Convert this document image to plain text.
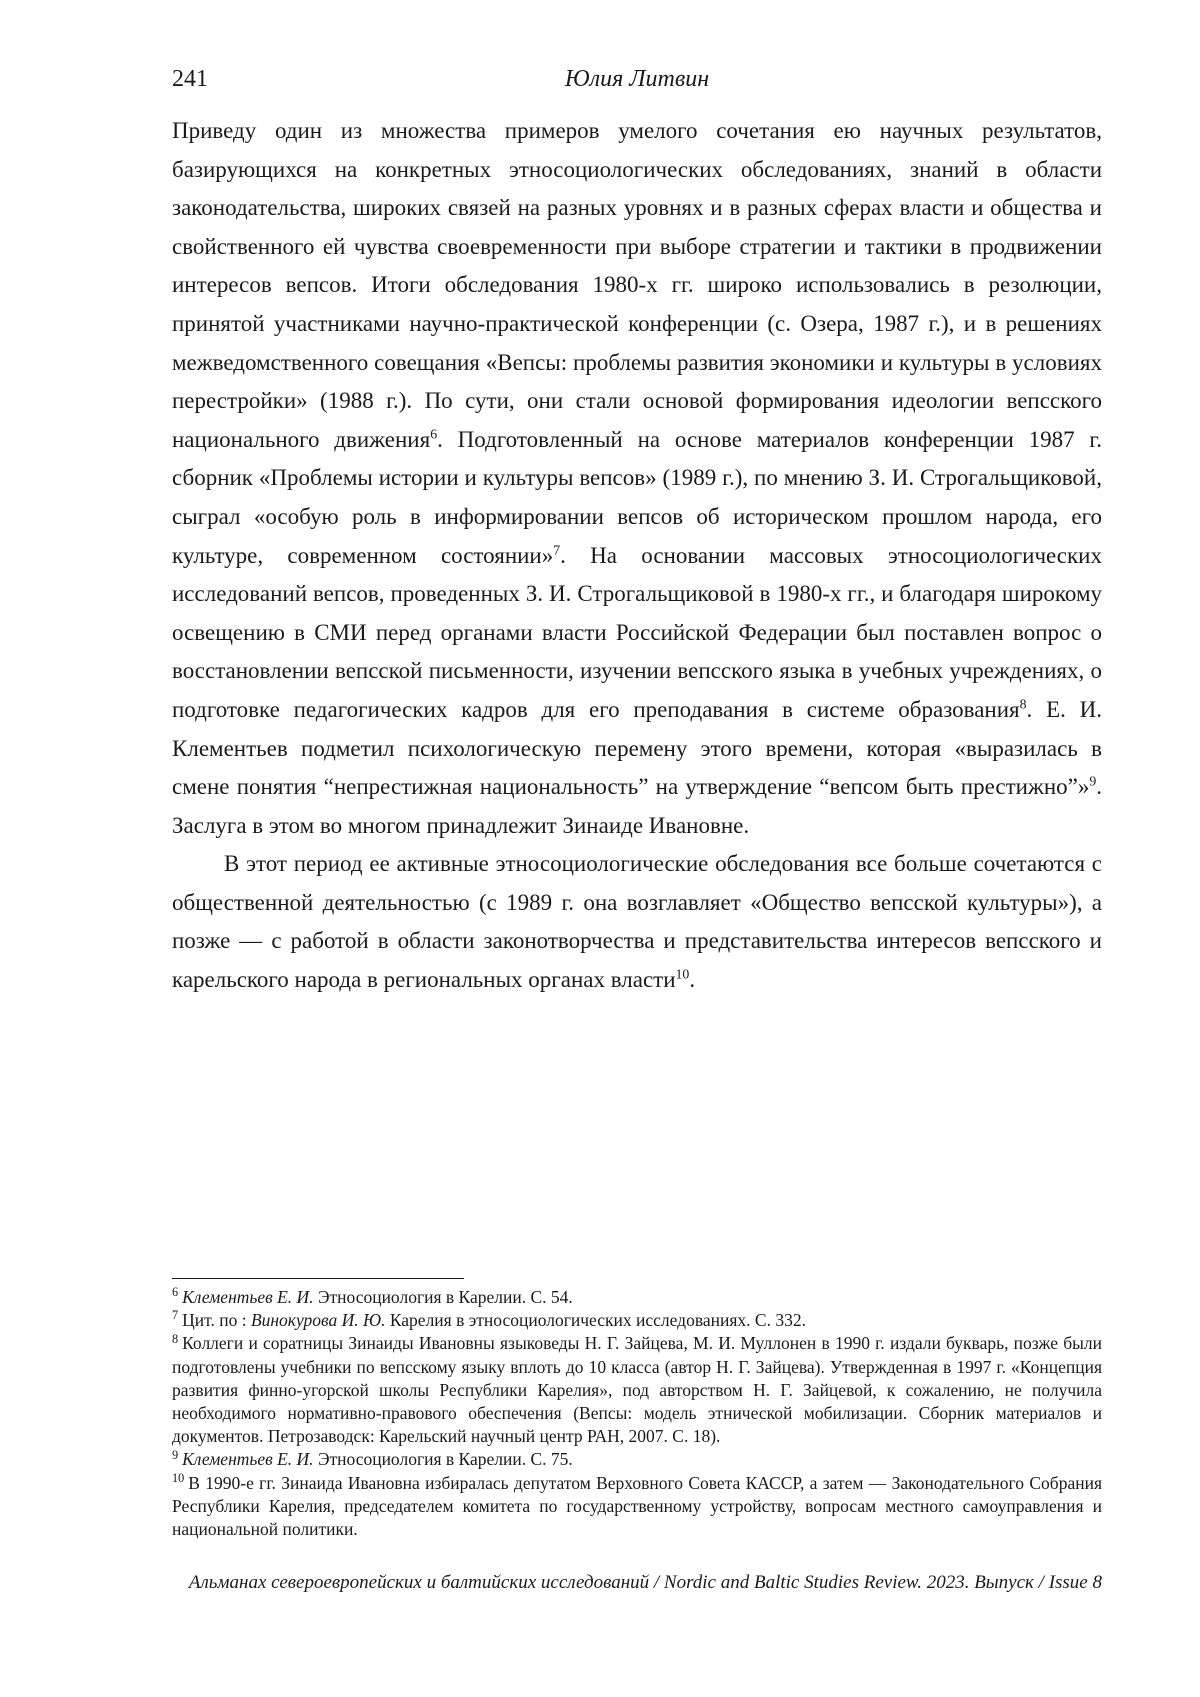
241	Юлия Литвин

Приведу один из множества примеров умелого сочетания ею научных результатов, базирующихся на конкретных этносоциологических обследованиях, знаний в области законодательства, широких связей на разных уровнях и в разных сферах власти и общества и свойственного ей чувства своевременности при выборе стратегии и тактики в продвижении интересов вепсов. Итоги обследования 1980-х гг. широко использовались в резолюции, принятой участниками научно-практической конференции (с. Озера, 1987 г.), и в решениях межведомственного совещания «Вепсы: проблемы развития экономики и культуры в условиях перестройки» (1988 г.). По сути, они стали основой формирования идеологии вепсского национального движения$^6$. Подготовленный на основе материалов конференции 1987 г. сборник «Проблемы истории и культуры вепсов» (1989 г.), по мнению З. И. Строгальщиковой, сыграл «особую роль в информировании вепсов об историческом прошлом народа, его культуре, современном состоянии»$^7$. На основании массовых этносоциологических исследований вепсов, проведенных З. И. Строгальщиковой в 1980-х гг., и благодаря широкому освещению в СМИ перед органами власти Российской Федерации был поставлен вопрос о восстановлении вепсской письменности, изучении вепсского языка в учебных учреждениях, о подготовке педагогических кадров для его преподавания в системе образования$^8$. Е. И. Клементьев подметил психологическую перемену этого времени, которая «выразилась в смене понятия “непрестижная национальность” на утверждение “вепсом быть престижно”»$^9$. Заслуга в этом во многом принадлежит Зинаиде Ивановне.

В этот период ее активные этносоциологические обследования все больше сочетаются с общественной деятельностью (с 1989 г. она возглавляет «Общество вепсской культуры»), а позже — с работой в области законотворчества и представительства интересов вепсского и карельского народа в региональных органах власти$^{10}$.

$^6$ Клементьев Е. И. Этносоциология в Карелии. С. 54.

$^7$ Цит. по : Винокурова И. Ю. Карелия в этносоциологических исследованиях. С. 332.

$^8$ Коллеги и соратницы Зинаиды Ивановны языковеды Н. Г. Зайцева, М. И. Муллонен в 1990 г. издали букварь, позже были подготовлены учебники по вепсскому языку вплоть до 10 класса (автор Н. Г. Зайцева). Утвержденная в 1997 г. «Концепция развития финно-угорской школы Республики Карелия», под авторством Н. Г. Зайцевой, к сожалению, не получила необходимого нормативно-правового обеспечения (Вепсы: модель этнической мобилизации. Сборник материалов и документов. Петрозаводск: Карельский научный центр РАН, 2007. С. 18).

$^9$ Клементьев Е. И. Этносоциология в Карелии. С. 75.

$^{10}$ В 1990-е гг. Зинаида Ивановна избиралась депутатом Верховного Совета КАССР, а затем — Законодательного Собрания Республики Карелия, председателем комитета по государственному устройству, вопросам местного самоуправления и национальной политики.

Альманах североевропейских и балтийских исследований / Nordic and Baltic Studies Review. 2023. Выпуск / Issue 8
